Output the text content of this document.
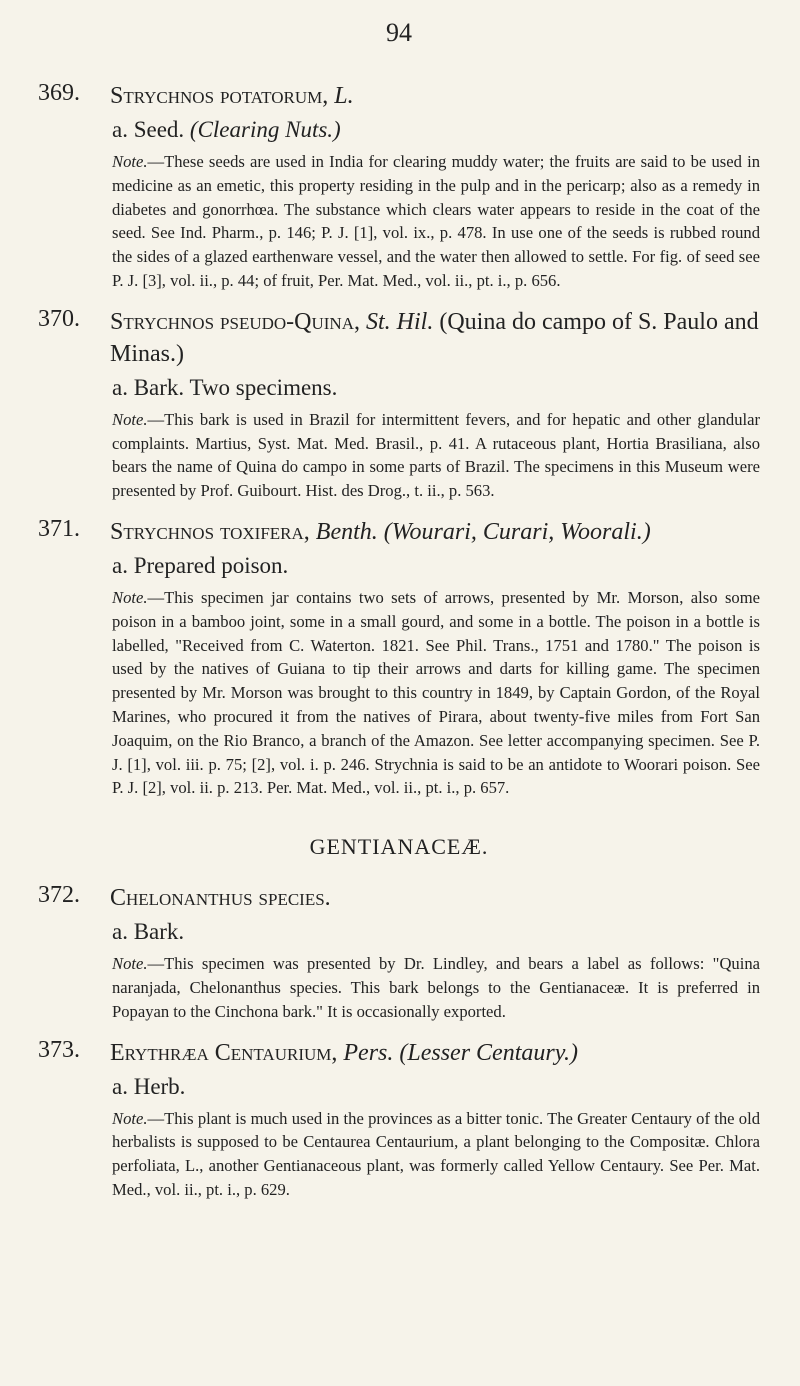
94
369. Strychnos potatorum, L.
a. Seed. (Clearing Nuts.)

Note.—These seeds are used in India for clearing muddy water; the fruits are said to be used in medicine as an emetic, this property residing in the pulp and in the pericarp; also as a remedy in diabetes and gonorrhœa. The substance which clears water appears to reside in the coat of the seed. See Ind. Pharm., p. 146; P. J. [1], vol. ix., p. 478. In use one of the seeds is rubbed round the sides of a glazed earthenware vessel, and the water then allowed to settle. For fig. of seed see P. J. [3], vol. ii., p. 44; of fruit, Per. Mat. Med., vol. ii., pt. i., p. 656.

370. Strychnos pseudo-Quina, St. Hil. (Quina do campo of S. Paulo and Minas.)
a. Bark. Two specimens.

Note.—This bark is used in Brazil for intermittent fevers, and for hepatic and other glandular complaints. Martius, Syst. Mat. Med. Brasil., p. 41. A rutaceous plant, Hortia Brasiliana, also bears the name of Quina do campo in some parts of Brazil. The specimens in this Museum were presented by Prof. Guibourt. Hist. des Drog., t. ii., p. 563.

371. Strychnos toxifera, Benth. (Wourari, Curari, Woorali.)
a. Prepared poison.

Note.—This specimen jar contains two sets of arrows, presented by Mr. Morson, also some poison in a bamboo joint, some in a small gourd, and some in a bottle. The poison in a bottle is labelled, "Received from C. Waterton. 1821. See Phil. Trans., 1751 and 1780." The poison is used by the natives of Guiana to tip their arrows and darts for killing game. The specimen presented by Mr. Morson was brought to this country in 1849, by Captain Gordon, of the Royal Marines, who procured it from the natives of Pirara, about twenty-five miles from Fort San Joaquim, on the Rio Branco, a branch of the Amazon. See letter accompanying specimen. See P. J. [1], vol. iii. p. 75; [2], vol. i. p. 246. Strychnia is said to be an antidote to Woorari poison. See P. J. [2], vol. ii. p. 213. Per. Mat. Med., vol. ii., pt. i., p. 657.

GENTIANACEÆ.
372. Chelonanthus species.
a. Bark.

Note.—This specimen was presented by Dr. Lindley, and bears a label as follows: "Quina naranjada, Chelonanthus species. This bark belongs to the Gentianaceæ. It is preferred in Popayan to the Cinchona bark." It is occasionally exported.

373. Erythræa Centaurium, Pers. (Lesser Centaury.)
a. Herb.

Note.—This plant is much used in the provinces as a bitter tonic. The Greater Centaury of the old herbalists is supposed to be Centaurea Centaurium, a plant belonging to the Compositæ. Chlora perfoliata, L., another Gentianaceous plant, was formerly called Yellow Centaury. See Per. Mat. Med., vol. ii., pt. i., p. 629.
